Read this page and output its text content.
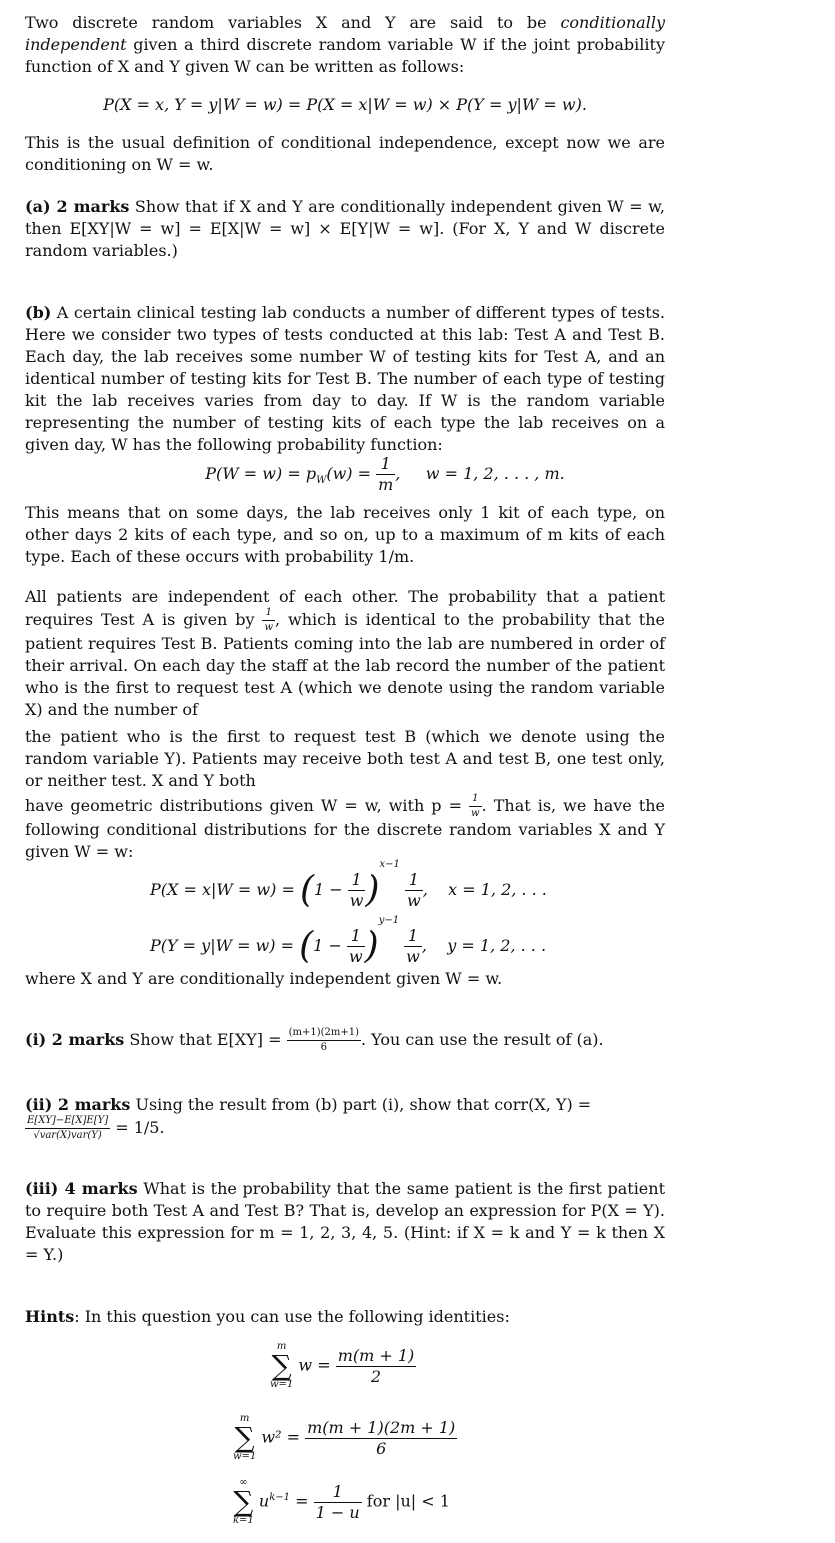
Two discrete random variables X and Y are said to be conditionally independent given a third discrete random variable W if the joint probability function of X and Y given W can be written as follows:

P(X = x, Y = y|W = w) = P(X = x|W = w) × P(Y = y|W = w).

This is the usual definition of conditional independence, except now we are conditioning on W = w.

(a) 2 marks Show that if X and Y are conditionally independent given W = w, then E[XY|W = w] = E[X|W = w] × E[Y|W = w]. (For X, Y and W discrete random variables.)

(b) A certain clinical testing lab conducts a number of different types of tests. Here we consider two types of tests conducted at this lab: Test A and Test B. Each day, the lab receives some number W of testing kits for Test A, and an identical number of testing kits for Test B. The number of each type of testing kit the lab receives varies from day to day. If W is the random variable representing the number of testing kits of each type the lab receives on a given day, W has the following probability function:

$P(W = w) = p_W(w) = \frac{1}{m}$ ,     w = 1, 2, . . . , m.

This means that on some days, the lab receives only 1 kit of each type, on other days 2 kits of each type, and so on, up to a maximum of m kits of each type. Each of these occurs with probability 1/m.

All patients are independent of each other. The probability that a patient requires Test A is given by $\frac{1}{w}$ , which is identical to the probability that the patient requires Test B. Patients coming into the lab are numbered in order of their arrival. On each day the staff at the lab record the number of the patient who is the first to request test A (which we denote using the random variable X) and the number of

the patient who is the first to request test B (which we denote using the random variable Y). Patients may receive both test A and test B, one test only, or neither test. X and Y both

have geometric distributions given W = w, with $p = \frac{1}{w}$ . That is, we have the following conditional distributions for the discrete random variables X and Y given W = w:

$P(X = x|W = w) = (1 - \frac{1}{w} )^{x-1}$
$\frac{1}{w}$ ,    x = 1, 2, . . .
$P(Y = y|W = w) = (1 - \frac{1}{w} )^{y-1}$
$\frac{1}{w}$ ,    y = 1, 2, . . .

where X and Y are conditionally independent given W = w.

(i) 2 marks Show that $E[XY] = \frac{(m+1)(2m+1)}{6}$ . You can use the result of (a).

(ii) 2 marks Using the result from (b) part (i), show that corr(X, Y) =

$\frac{E[XY]-E[X]E[Y]}{\text{√var(X)var(Y)}} = 1/5$.

(iii) 4 marks What is the probability that the same patient is the first patient to require both Test A and Test B? That is, develop an expression for P(X = Y). Evaluate this expression for m = 1, 2, 3, 4, 5. (Hint: if X = k and Y = k then X = Y.)

Hints: In this question you can use the following identities:

m
∑
w=1
$w = \frac{m(m + 1)}{2}$
m
∑
w=1
$w^2 = \frac{m(m + 1)(2m + 1)}{6}$
∞
∑
k=1
$u^{k-1} = \frac{1}{1 - u}$ for |u| < 1
